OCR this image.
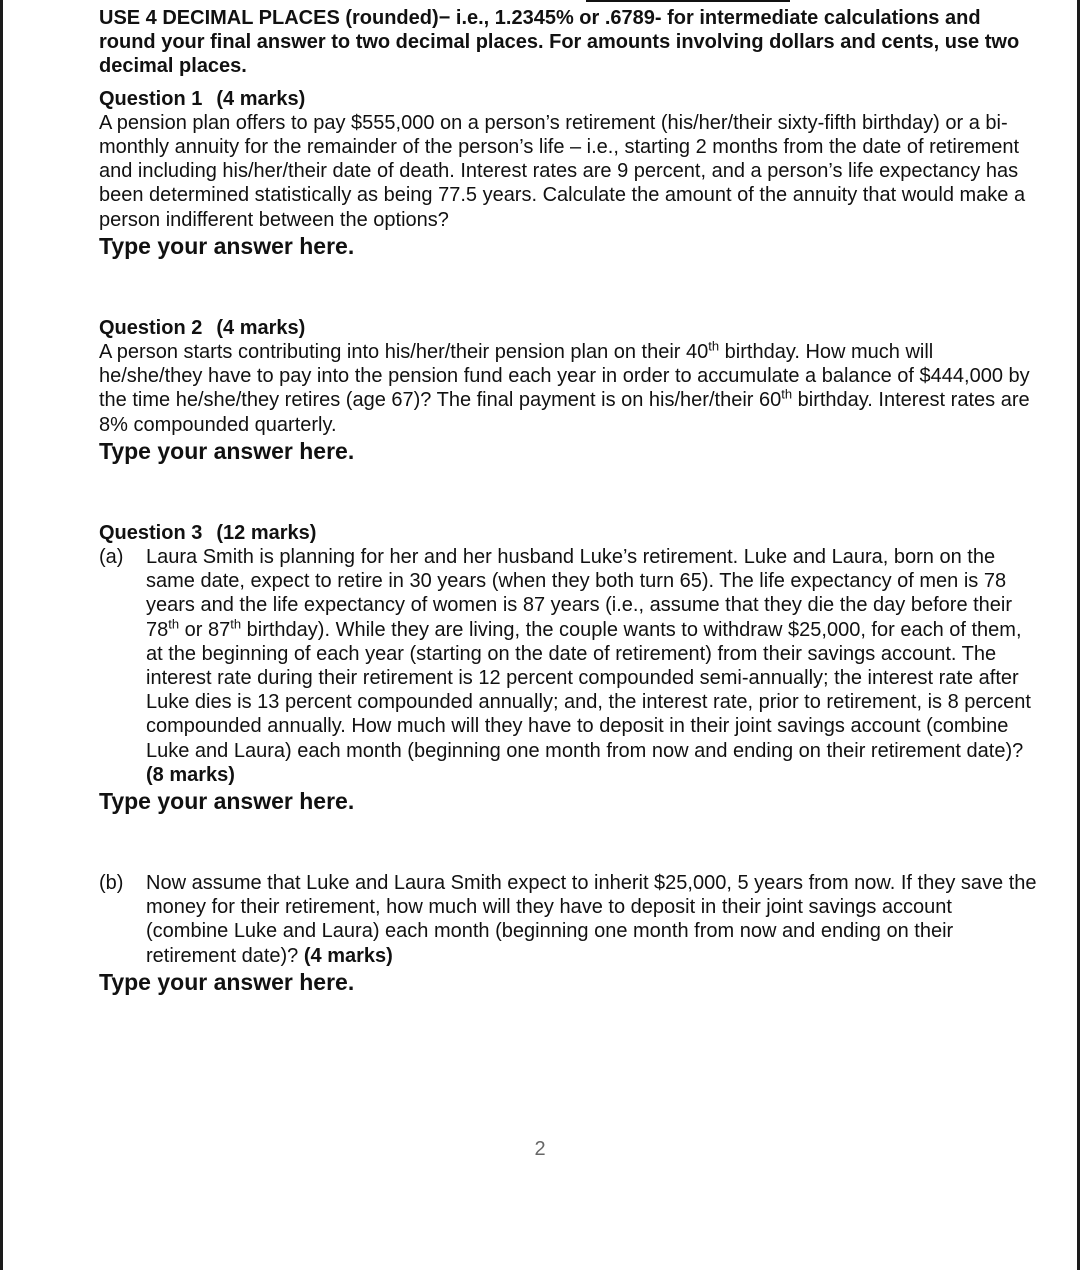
USE 4 DECIMAL PLACES (rounded)− i.e., 1.2345% or .6789- for intermediate calculations and round your final answer to two decimal places. For amounts involving dollars and cents, use two decimal places.

Question 1 (4 marks)

A pension plan offers to pay $555,000 on a person’s retirement (his/her/their sixty-fifth birthday) or a bi-monthly annuity for the remainder of the person’s life – i.e., starting 2 months from the date of retirement and including his/her/their date of death. Interest rates are 9 percent, and a person’s life expectancy has been determined statistically as being 77.5 years. Calculate the amount of the annuity that would make a person indifferent between the options?

Type your answer here.

Question 2 (4 marks)

A person starts contributing into his/her/their pension plan on their 40th birthday. How much will he/she/they have to pay into the pension fund each year in order to accumulate a balance of $444,000 by the time he/she/they retires (age 67)? The final payment is on his/her/their 60th birthday. Interest rates are 8% compounded quarterly.

Type your answer here.

Question 3 (12 marks)

(a)	Laura Smith is planning for her and her husband Luke’s retirement. Luke and Laura, born on the same date, expect to retire in 30 years (when they both turn 65). The life expectancy of men is 78 years and the life expectancy of women is 87 years (i.e., assume that they die the day before their 78th or 87th birthday). While they are living, the couple wants to withdraw $25,000, for each of them, at the beginning of each year (starting on the date of retirement) from their savings account. The interest rate during their retirement is 12 percent compounded semi-annually; the interest rate after Luke dies is 13 percent compounded annually; and, the interest rate, prior to retirement, is 8 percent compounded annually. How much will they have to deposit in their joint savings account (combine Luke and Laura) each month (beginning one month from now and ending on their retirement date)? (8 marks)

Type your answer here.

(b)	Now assume that Luke and Laura Smith expect to inherit $25,000, 5 years from now. If they save the money for their retirement, how much will they have to deposit in their joint savings account (combine Luke and Laura) each month (beginning one month from now and ending on their retirement date)? (4 marks)

Type your answer here.

2
